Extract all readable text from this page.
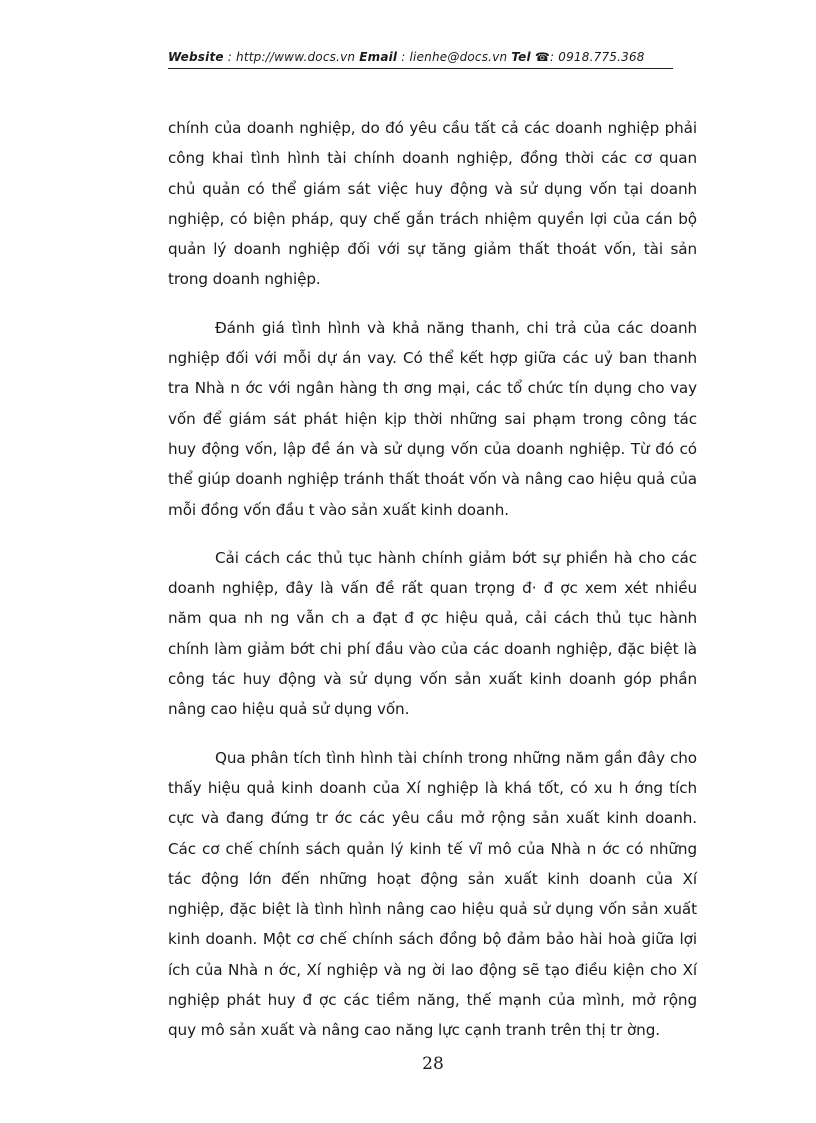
Website : http://www.docs.vn Email : lienhe@docs.vn Tel ☎: 0918.775.368

chính của doanh nghiệp, do đó yêu cầu tất cả các doanh nghiệp phải công khai tình hình tài chính doanh nghiệp, đồng thời các cơ quan chủ quản có thể giám sát việc huy động và sử dụng vốn tại doanh nghiệp, có biện pháp, quy chế gắn trách nhiệm quyền lợi của cán bộ quản lý doanh nghiệp đối với sự tăng giảm thất thoát vốn, tài sản trong doanh nghiệp.

Đánh giá tình hình và khả năng thanh, chi trả của các doanh nghiệp đối với mỗi dự án vay. Có thể kết hợp giữa các uỷ ban thanh tra Nhà n ớc với ngân hàng th ơng mại, các tổ chức tín dụng cho vay vốn để giám sát phát hiện kịp thời những sai phạm trong công tác huy động vốn, lập đề án và sử dụng vốn của doanh nghiệp. Từ đó có thể giúp doanh nghiệp tránh thất thoát vốn và nâng cao hiệu quả của mỗi đồng vốn đầu t vào sản xuất kinh doanh.

Cải cách các thủ tục hành chính giảm bớt sự phiền hà cho các doanh nghiệp, đây là vấn đề rất quan trọng đ· đ ợc xem xét nhiều năm qua nh ng vẫn ch a đạt đ ợc hiệu quả, cải cách thủ tục hành chính làm giảm bớt chi phí đầu vào của các doanh nghiệp, đặc biệt là công tác huy động và sử dụng vốn sản xuất kinh doanh góp phần nâng cao hiệu quả sử dụng vốn.

Qua phân tích tình hình tài chính trong những năm gần đây cho thấy hiệu quả kinh doanh của Xí nghiệp là khá tốt, có xu h ớng tích cực và đang đứng tr ớc các yêu cầu mở rộng sản xuất kinh doanh. Các cơ chế chính sách quản lý kinh tế vĩ mô của Nhà n ớc có những tác động lớn đến những hoạt động sản xuất kinh doanh của Xí nghiệp, đặc biệt là tình hình nâng cao hiệu quả sử dụng vốn sản xuất kinh doanh. Một cơ chế chính sách đồng bộ đảm bảo hài hoà giữa lợi ích của Nhà n ớc, Xí nghiệp và ng ời lao động sẽ tạo điều kiện cho Xí nghiệp phát huy đ ợc các tiềm năng, thế mạnh của mình, mở rộng quy mô sản xuất và nâng cao năng lực cạnh tranh trên thị tr ờng.

28
